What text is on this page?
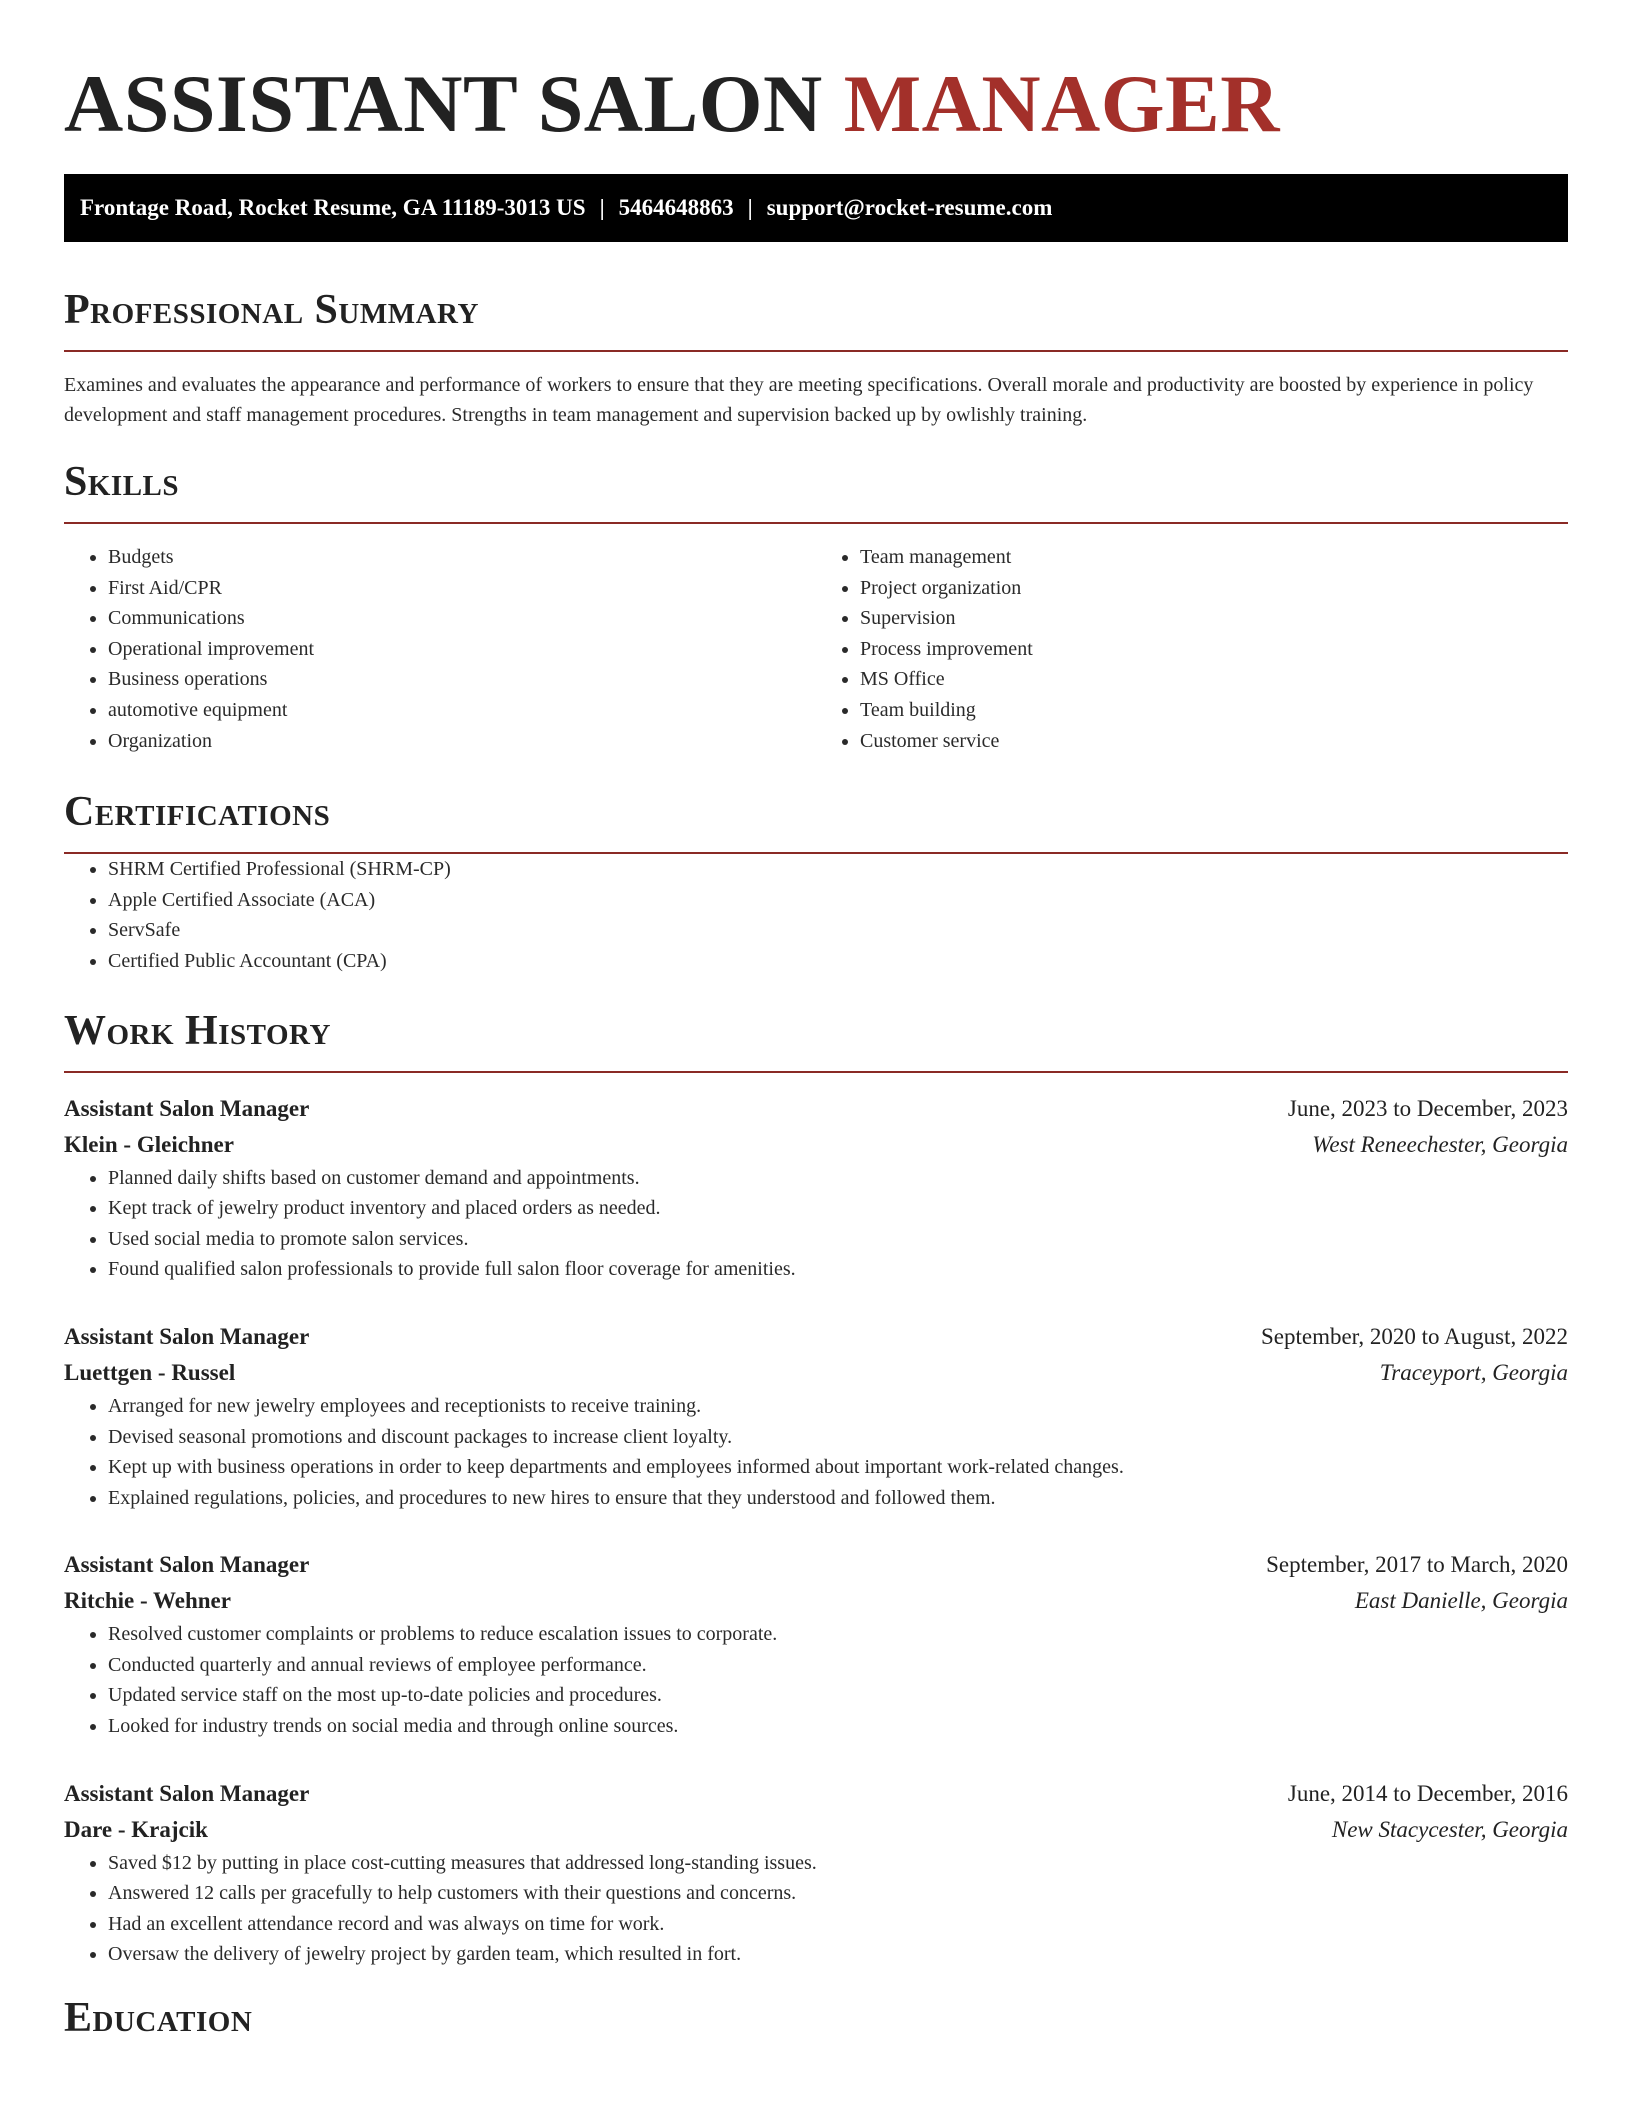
ASSISTANT SALON MANAGER
Frontage Road, Rocket Resume, GA 11189-3013 US | 5464648863 | support@rocket-resume.com
Professional Summary

Examines and evaluates the appearance and performance of workers to ensure that they are meeting specifications. Overall morale and productivity are boosted by experience in policy development and staff management procedures. Strengths in team management and supervision backed up by owlishly training.

Skills
• Budgets
• First Aid/CPR
• Communications
• Operational improvement
• Business operations
• automotive equipment
• Organization
• Team management
• Project organization
• Supervision
• Process improvement
• MS Office
• Team building
• Customer service
Certifications
• SHRM Certified Professional (SHRM-CP)
• Apple Certified Associate (ACA)
• ServSafe
• Certified Public Accountant (CPA)
Work History
Assistant Salon Manager	June, 2023 to December, 2023
Klein - Gleichner	West Reneechester, Georgia
• Planned daily shifts based on customer demand and appointments.
• Kept track of jewelry product inventory and placed orders as needed.
• Used social media to promote salon services.
• Found qualified salon professionals to provide full salon floor coverage for amenities.
Assistant Salon Manager	September, 2020 to August, 2022
Luettgen - Russel	Traceyport, Georgia
• Arranged for new jewelry employees and receptionists to receive training.
• Devised seasonal promotions and discount packages to increase client loyalty.
• Kept up with business operations in order to keep departments and employees informed about important work-related changes.
• Explained regulations, policies, and procedures to new hires to ensure that they understood and followed them.
Assistant Salon Manager	September, 2017 to March, 2020
Ritchie - Wehner	East Danielle, Georgia
• Resolved customer complaints or problems to reduce escalation issues to corporate.
• Conducted quarterly and annual reviews of employee performance.
• Updated service staff on the most up-to-date policies and procedures.
• Looked for industry trends on social media and through online sources.
Assistant Salon Manager	June, 2014 to December, 2016
Dare - Krajcik	New Stacycester, Georgia
• Saved $12 by putting in place cost-cutting measures that addressed long-standing issues.
• Answered 12 calls per gracefully to help customers with their questions and concerns.
• Had an excellent attendance record and was always on time for work.
• Oversaw the delivery of jewelry project by garden team, which resulted in fort.
Education
